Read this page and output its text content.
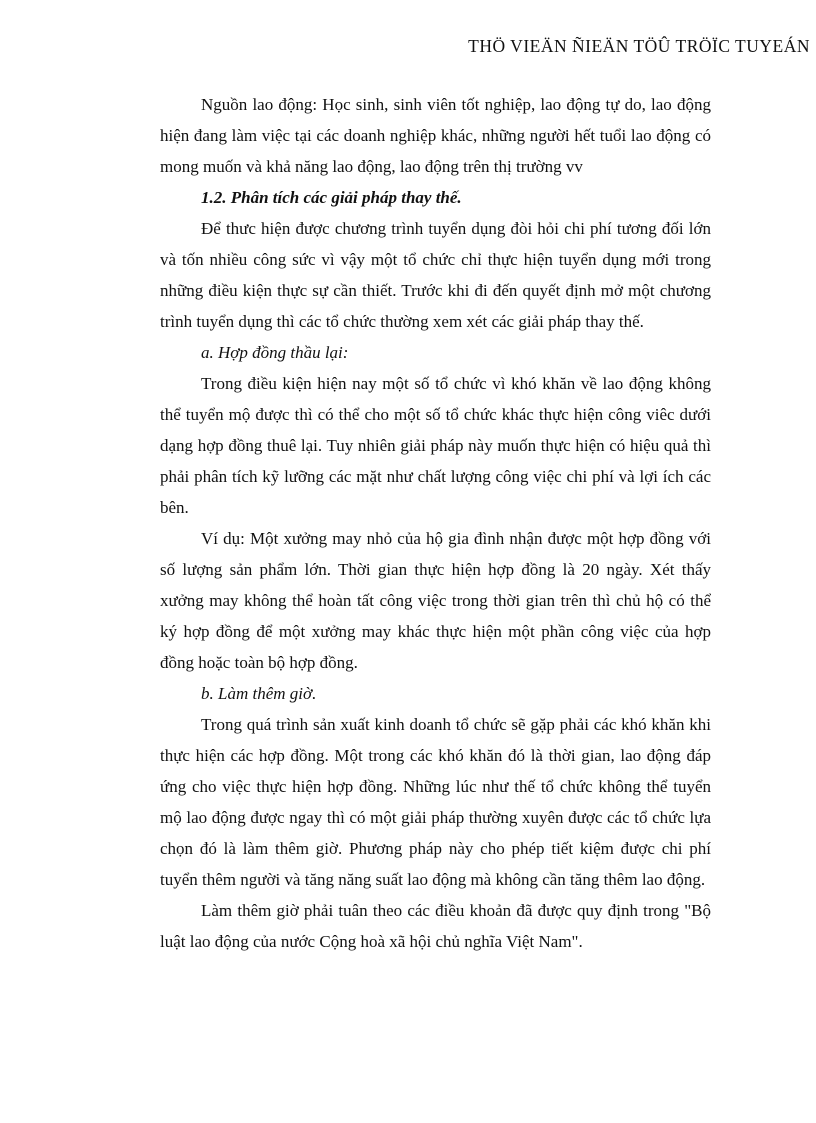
THÖ VIEÄN ÑIEÄN TÖÛ TRÖÏC TUYEÁN

Nguồn lao động: Học sinh, sinh viên tốt nghiệp, lao động tự do, lao động hiện đang làm việc tại các doanh nghiệp khác, những người hết tuổi lao động có mong muốn và khả năng lao động, lao động trên thị trường vv

1.2. Phân tích các giải pháp thay thế.

Để thưc hiện được chương trình tuyển dụng đòi hỏi chi phí tương đối lớn và tốn nhiều công sức vì vậy một tổ chức chỉ thực hiện tuyển dụng mới trong những điều kiện thực sự cần thiết. Trước khi đi đến quyết định mở một chương trình tuyển dụng thì các tổ chức thường xem xét các giải pháp thay thế.

a. Hợp đồng thầu lại:

Trong điều kiện hiện nay một số tổ chức vì khó khăn về lao động không thể tuyển mộ được thì có thể cho một số tổ chức khác thực hiện công viêc dưới dạng hợp đồng thuê lại. Tuy nhiên giải pháp này muốn thực hiện có hiệu quả thì phải phân tích kỹ lưỡng các mặt như chất lượng công việc chi phí và lợi ích các bên.

Ví dụ: Một xưởng may nhỏ của hộ gia đình nhận được một hợp đồng với số lượng sản phẩm lớn. Thời gian thực hiện hợp đồng là 20 ngày. Xét thấy xưởng may không thể hoàn tất công việc trong thời gian trên thì chủ hộ có thể ký hợp đồng để một xưởng may khác thực hiện một phần công việc của hợp đồng hoặc toàn bộ hợp đồng.

b. Làm thêm giờ.

Trong quá trình sản xuất kinh doanh tổ chức sẽ gặp phải các khó khăn khi thực hiện các hợp đồng. Một trong các khó khăn đó là thời gian, lao động đáp ứng cho việc thực hiện hợp đồng. Những lúc như thế tổ chức không thể tuyển mộ lao động được ngay thì có một giải pháp thường xuyên được các tổ chức lựa chọn đó là làm thêm giờ. Phương pháp này cho phép tiết kiệm được chi phí tuyển thêm người và tăng năng suất lao động mà không cần tăng thêm lao động.

Làm thêm giờ phải tuân theo các điều khoản đã được quy định trong "Bộ luật lao động của nước Cộng hoà xã hội chủ nghĩa Việt Nam".
